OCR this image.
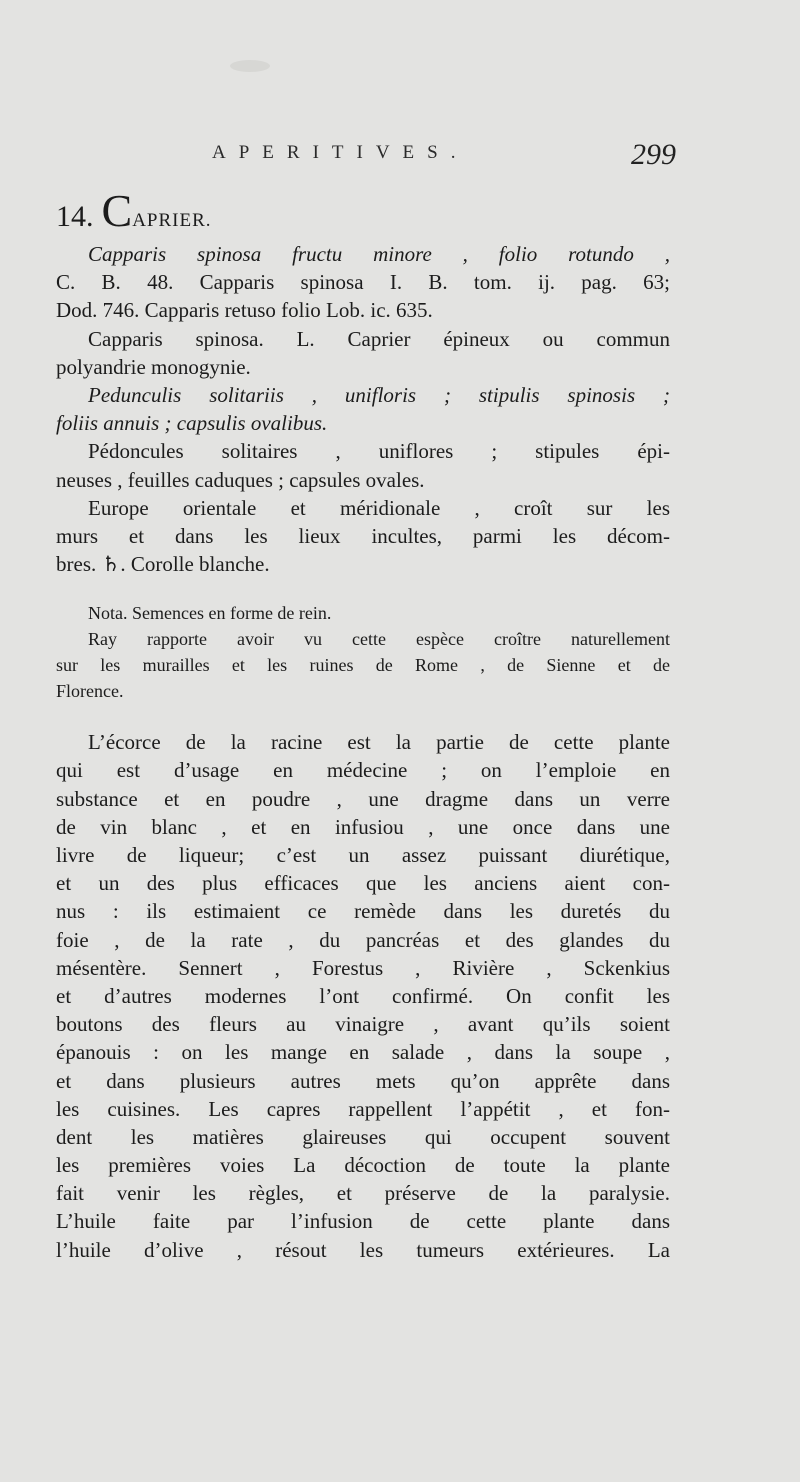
APERITIVES.	299
14. CAPRIER.
Capparis spinosa fructu minore , folio rotundo ,
C. B. 48. Capparis spinosa I. B. tom. ij. pag. 63;
Dod. 746. Capparis retuso folio Lob. ic. 635.
Capparis spinosa. L. Caprier épineux ou commun
polyandrie monogynie.
Pedunculis solitariis , unifloris ; stipulis spinosis ;
foliis annuis ; capsulis ovalibus.
Pédoncules solitaires , uniflores ; stipules épi-
neuses , feuilles caduques ; capsules ovales.
Europe orientale et méridionale , croît sur les
murs et dans les lieux incultes, parmi les décom-
bres. ♄. Corolle blanche.
Nota. Semences en forme de rein.
Ray rapporte avoir vu cette espèce croître naturellement
sur les murailles et les ruines de Rome , de Sienne et de
Florence.
L’écorce de la racine est la partie de cette plante
qui est d’usage en médecine ; on l’emploie en
substance et en poudre , une dragme dans un verre
de vin blanc , et en infusiou , une once dans une
livre de liqueur; c’est un assez puissant diurétique,
et un des plus efficaces que les anciens aient con-
nus : ils estimaient ce remède dans les duretés du
foie , de la rate , du pancréas et des glandes du
mésentère. Sennert , Forestus , Rivière , Sckenkius
et d’autres modernes l’ont confirmé. On confit les
boutons des fleurs au vinaigre , avant qu’ils soient
épanouis : on les mange en salade , dans la soupe ,
et dans plusieurs autres mets qu’on apprête dans
les cuisines. Les capres rappellent l’appétit , et fon-
dent les matières glaireuses qui occupent souvent
les premières voies La décoction de toute la plante
fait venir les règles, et préserve de la paralysie.
L’huile faite par l’infusion de cette plante dans
l’huile d’olive , résout les tumeurs extérieures. La
